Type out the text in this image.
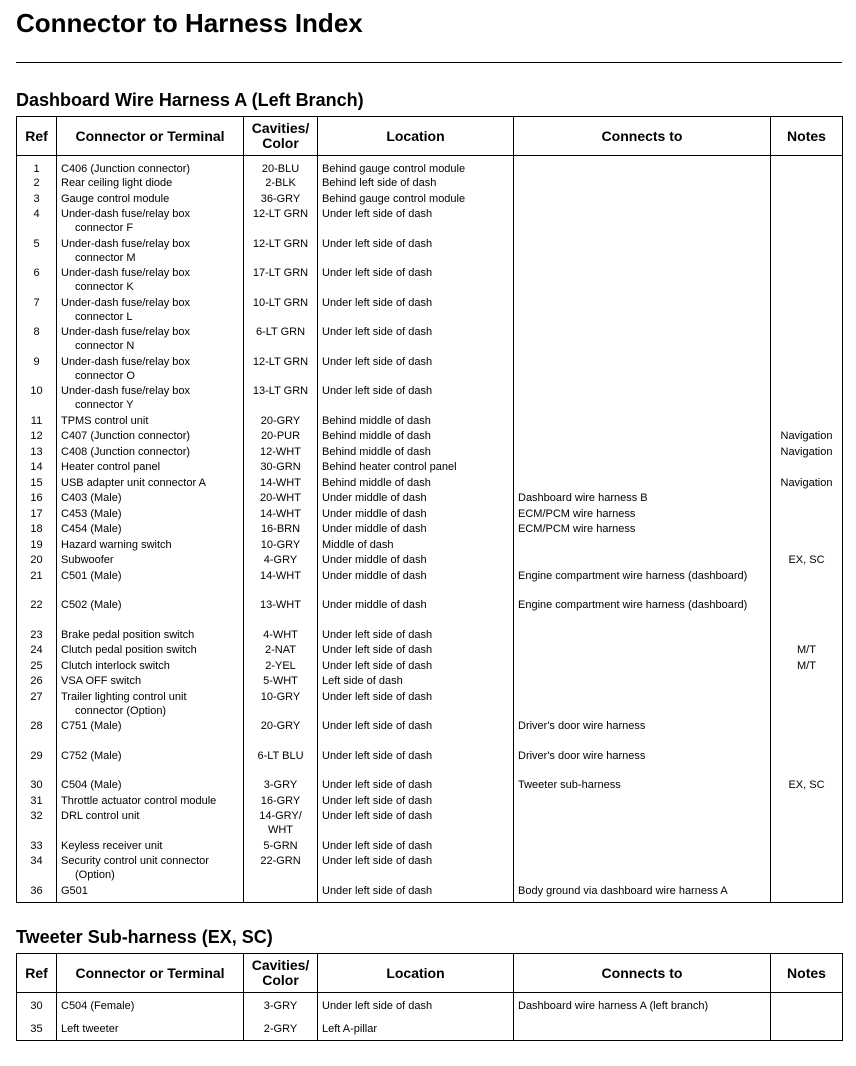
Connector to Harness Index
Dashboard Wire Harness A (Left Branch)
Ref	Connector or Terminal	Cavities/
Color	Location	Connects to	Notes
1	C406 (Junction connector)	20-BLU	Behind gauge control module		
2	Rear ceiling light diode	2-BLK	Behind left side of dash		
3	Gauge control module	36-GRY	Behind gauge control module		
4	Under-dash fuse/relay box
connector F	12-LT GRN	Under left side of dash		
5	Under-dash fuse/relay box
connector M	12-LT GRN	Under left side of dash		
6	Under-dash fuse/relay box
connector K	17-LT GRN	Under left side of dash		
7	Under-dash fuse/relay box
connector L	10-LT GRN	Under left side of dash		
8	Under-dash fuse/relay box
connector N	6-LT GRN	Under left side of dash		
9	Under-dash fuse/relay box
connector O	12-LT GRN	Under left side of dash		
10	Under-dash fuse/relay box
connector Y	13-LT GRN	Under left side of dash		
11	TPMS control unit	20-GRY	Behind middle of dash		
12	C407 (Junction connector)	20-PUR	Behind middle of dash		Navigation
13	C408 (Junction connector)	12-WHT	Behind middle of dash		Navigation
14	Heater control panel	30-GRN	Behind heater control panel		
15	USB adapter unit connector A	14-WHT	Behind middle of dash		Navigation
16	C403 (Male)	20-WHT	Under middle of dash	Dashboard wire harness B	
17	C453 (Male)	14-WHT	Under middle of dash	ECM/PCM wire harness	
18	C454 (Male)	16-BRN	Under middle of dash	ECM/PCM wire harness	
19	Hazard warning switch	10-GRY	Middle of dash		
20	Subwoofer	4-GRY	Under middle of dash		EX, SC
21	C501 (Male)	14-WHT	Under middle of dash	Engine compartment wire harness (dashboard)	
22	C502 (Male)	13-WHT	Under middle of dash	Engine compartment wire harness (dashboard)	
23	Brake pedal position switch	4-WHT	Under left side of dash		
24	Clutch pedal position switch	2-NAT	Under left side of dash		M/T
25	Clutch interlock switch	2-YEL	Under left side of dash		M/T
26	VSA OFF switch	5-WHT	Left side of dash		
27	Trailer lighting control unit
connector (Option)	10-GRY	Under left side of dash		
28	C751 (Male)	20-GRY	Under left side of dash	Driver's door wire harness	
29	C752 (Male)	6-LT BLU	Under left side of dash	Driver's door wire harness	
30	C504 (Male)	3-GRY	Under left side of dash	Tweeter sub-harness	EX, SC
31	Throttle actuator control module	16-GRY	Under left side of dash		
32	DRL control unit	14-GRY/
WHT	Under left side of dash		
33	Keyless receiver unit	5-GRN	Under left side of dash		
34	Security control unit connector
(Option)	22-GRN	Under left side of dash		
36	G501		Under left side of dash	Body ground via dashboard wire harness A	
Tweeter Sub-harness (EX, SC)
Ref	Connector or Terminal	Cavities/
Color	Location	Connects to	Notes
30	C504 (Female)	3-GRY	Under left side of dash	Dashboard wire harness A (left branch)	
35	Left tweeter	2-GRY	Left A-pillar		
